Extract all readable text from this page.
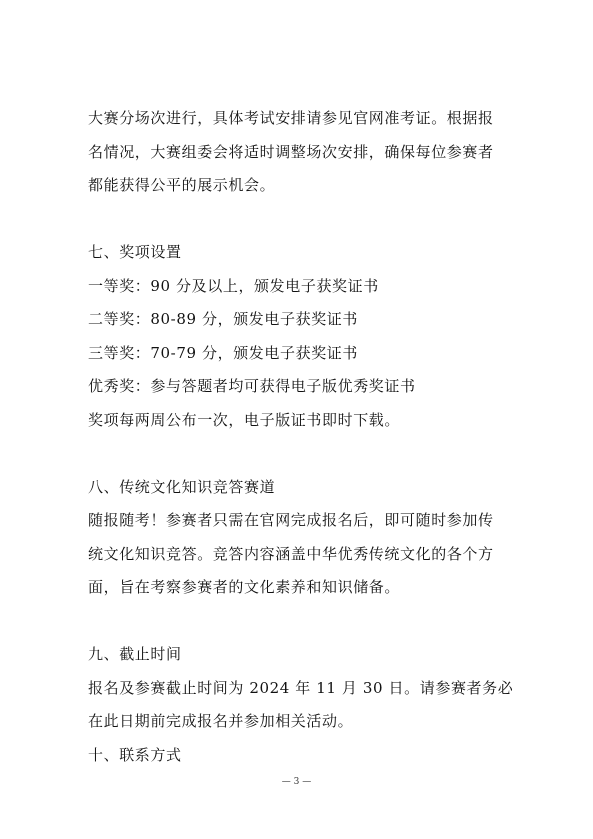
大赛分场次进行，具体考试安排请参见官网准考证。根据报
名情况，大赛组委会将适时调整场次安排，确保每位参赛者
都能获得公平的展示机会。
七、奖项设置
一等奖：90 分及以上，颁发电子获奖证书
二等奖：80-89 分，颁发电子获奖证书
三等奖：70-79 分，颁发电子获奖证书
优秀奖：参与答题者均可获得电子版优秀奖证书
奖项每两周公布一次，电子版证书即时下载。
八、传统文化知识竞答赛道
随报随考！参赛者只需在官网完成报名后，即可随时参加传
统文化知识竞答。竞答内容涵盖中华优秀传统文化的各个方
面，旨在考察参赛者的文化素养和知识储备。
九、截止时间
报名及参赛截止时间为 2024 年 11 月 30 日。请参赛者务必
在此日期前完成报名并参加相关活动。
十、联系方式
— 3 —
